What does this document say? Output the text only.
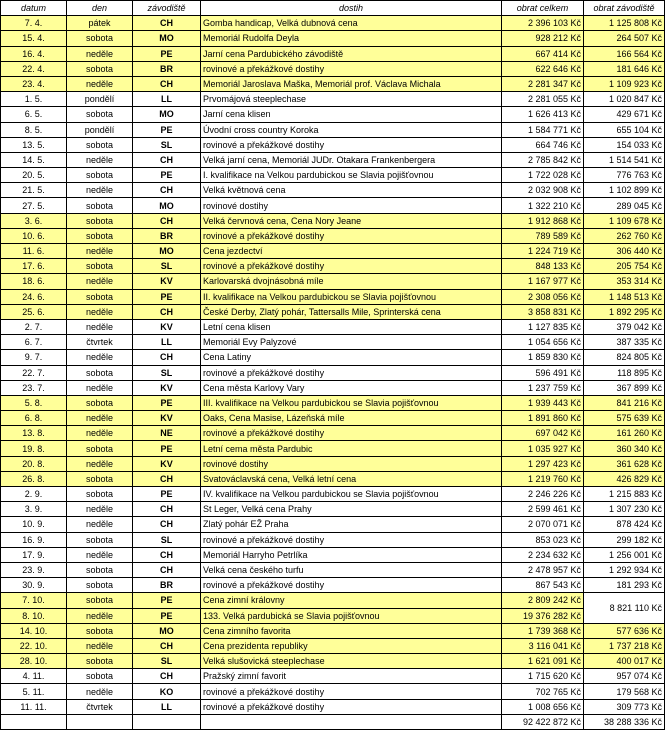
datum	den	závodiště	dostih	obrat celkem	obrat závodiště
7. 4.	pátek	CH	Gomba handicap, Velká dubnová cena	2 396 103 Kč	1 125 808 Kč
15. 4.	sobota	MO	Memoriál Rudolfa Deyla	928 212 Kč	264 507 Kč
16. 4.	neděle	PE	Jarní cena Pardubického závodiště	667 414 Kč	166 564 Kč
22. 4.	sobota	BR	rovinové a překážkové dostihy	622 646 Kč	181 646 Kč
23. 4.	neděle	CH	Memoriál Jaroslava Maška, Memoriál prof. Václava Michala	2 281 347 Kč	1 109 923 Kč
1. 5.	pondělí	LL	Prvomájová steeplechase	2 281 055 Kč	1 020 847 Kč
6. 5.	sobota	MO	Jarní cena klisen	1 626 413 Kč	429 671 Kč
8. 5.	pondělí	PE	Úvodní cross country Koroka	1 584 771 Kč	655 104 Kč
13. 5.	sobota	SL	rovinové a překážkové dostihy	664 746 Kč	154 033 Kč
14. 5.	neděle	CH	Velká jarní cena, Memoriál JUDr. Otakara Frankenbergera	2 785 842 Kč	1 514 541 Kč
20. 5.	sobota	PE	I. kvalifikace na Velkou pardubickou se Slavia pojišťovnou	1 722 028 Kč	776 763 Kč
21. 5.	neděle	CH	Velká květnová cena	2 032 908 Kč	1 102 899 Kč
27. 5.	sobota	MO	rovinové dostihy	1 322 210 Kč	289 045 Kč
3. 6.	sobota	CH	Velká červnová cena, Cena Nory Jeane	1 912 868 Kč	1 109 678 Kč
10. 6.	sobota	BR	rovinové a překážkové dostihy	789 589 Kč	262 760 Kč
11. 6.	neděle	MO	Cena jezdectví	1 224 719 Kč	306 440 Kč
17. 6.	sobota	SL	rovinové a překážkové dostihy	848 133 Kč	205 754 Kč
18. 6.	neděle	KV	Karlovarská dvojnásobná míle	1 167 977 Kč	353 314 Kč
24. 6.	sobota	PE	II. kvalifikace na Velkou pardubickou se Slavia pojišťovnou	2 308 056 Kč	1 148 513 Kč
25. 6.	neděle	CH	České Derby, Zlatý pohár, Tattersalls Mile, Sprinterská cena	3 858 831 Kč	1 892 295 Kč
2. 7.	neděle	KV	Letní cena klisen	1 127 835 Kč	379 042 Kč
6. 7.	čtvrtek	LL	Memoriál Evy Palyzové	1 054 656 Kč	387 335 Kč
9. 7.	neděle	CH	Cena Latiny	1 859 830 Kč	824 805 Kč
22. 7.	sobota	SL	rovinové a překážkové dostihy	596 491 Kč	118 895 Kč
23. 7.	neděle	KV	Cena města Karlovy Vary	1 237 759 Kč	367 899 Kč
5. 8.	sobota	PE	III. kvalifikace na Velkou pardubickou se Slavia pojišťovnou	1 939 443 Kč	841 216 Kč
6. 8.	neděle	KV	Oaks, Cena Masise, Lázeňská míle	1 891 860 Kč	575 639 Kč
13. 8.	neděle	NE	rovinové a překážkové dostihy	697 042 Kč	161 260 Kč
19. 8.	sobota	PE	Letní cema města Pardubic	1 035 927 Kč	360 340 Kč
20. 8.	neděle	KV	rovinové dostihy	1 297 423 Kč	361 628 Kč
26. 8.	sobota	CH	Svatováclavská cena, Velká letní cena	1 219 760 Kč	426 829 Kč
2. 9.	sobota	PE	IV. kvalifikace na Velkou pardubickou se Slavia pojišťovnou	2 246 226 Kč	1 215 883 Kč
3. 9.	neděle	CH	St Leger, Velká cena Prahy	2 599 461 Kč	1 307 230 Kč
10. 9.	neděle	CH	Zlatý pohár EŽ Praha	2 070 071 Kč	878 424 Kč
16. 9.	sobota	SL	rovinové a překážkové dostihy	853 023 Kč	299 182 Kč
17. 9.	neděle	CH	Memoriál Harryho Petrlíka	2 234 632 Kč	1 256 001 Kč
23. 9.	sobota	CH	Velká cena českého turfu	2 478 957 Kč	1 292 934 Kč
30. 9.	sobota	BR	rovinové a překážkové dostihy	867 543 Kč	181 293 Kč
7. 10.	sobota	PE	Cena zimní královny	2 809 242 Kč	8 821 110 Kč
8. 10.	neděle	PE	133. Velká pardubická se Slavia pojišťovnou	19 376 282 Kč	
14. 10.	sobota	MO	Cena zimního favorita	1 739 368 Kč	577 636 Kč
22. 10.	neděle	CH	Cena prezidenta republiky	3 116 041 Kč	1 737 218 Kč
28. 10.	sobota	SL	Velká slušovická steeplechase	1 621 091 Kč	400 017 Kč
4. 11.	sobota	CH	Pražský zimní favorit	1 715 620 Kč	957 074 Kč
5. 11.	neděle	KO	rovinové a překážkové dostihy	702 765 Kč	179 568 Kč
11. 11.	čtvrtek	LL	rovinové a překážkové dostihy	1 008 656 Kč	309 773 Kč
				92 422 872 Kč	38 288 336 Kč
